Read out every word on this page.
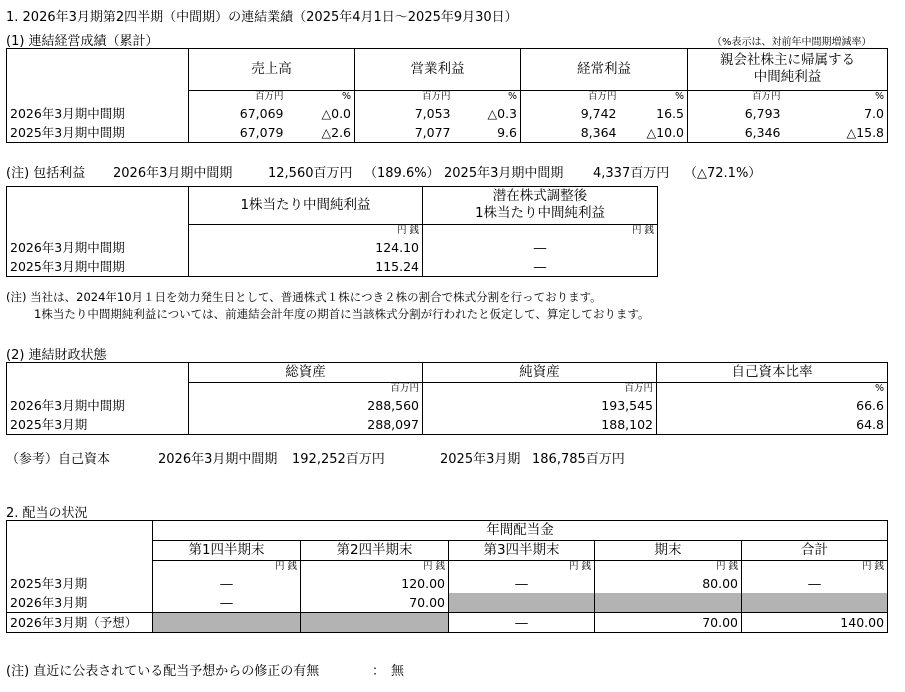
1. 2026年3月期第2四半期（中間期）の連結業績（2025年4月1日～2025年9月30日）
(1) 連結経営成績（累計）	（%表示は、対前年中間期増減率）
	売上高		営業利益		経常利益		親会社株主に帰属する
中間純利益	

	百万円	%	百万円	%	百万円	%	百万円	%
2026年3月期中間期	67,069	△0.0	7,053	△0.3	9,742	16.5	6,793	7.0
2025年3月期中間期	67,079	△2.6	7,077	9.6	8,364	△10.0	6,346	△15.8
(注) 包括利益 2026年3月期中間期	12,560百万円 （189.6%） 2025年3月期中間期 4,337百万円 （△72.1%）
	1株当たり中間純利益	潜在株式調整後
1株当たり中間純利益

	円 銭	円 銭
2026年3月期中間期	124.10	―
2025年3月期中間期	115.24	―
(注) 当社は、2024年10月１日を効力発生日として、普通株式１株につき２株の割合で株式分割を行っております。
1株当たり中間期純利益については、前連結会計年度の期首に当該株式分割が行われたと仮定して、算定しております。
(2) 連結財政状態
	総資産	純資産	自己資本比率
	百万円	百万円	%
2026年3月期中間期	288,560	193,545	66.6
2025年3月期	288,097	188,102	64.8
（参考）自己資本	2026年3月期中間期 192,252百万円	2025年3月期 186,785百万円
2. 配当の状況
	年間配当金				
	第1四半期末	第2四半期末	第3四半期末	期末	合計
	円 銭	円 銭	円 銭	円 銭	円 銭
2025年3月期	―	120.00	―	80.00	―
2026年3月期	―	70.00			
2026年3月期（予想）			―	70.00	140.00
(注) 直近に公表されている配当予想からの修正の有無	： 無
